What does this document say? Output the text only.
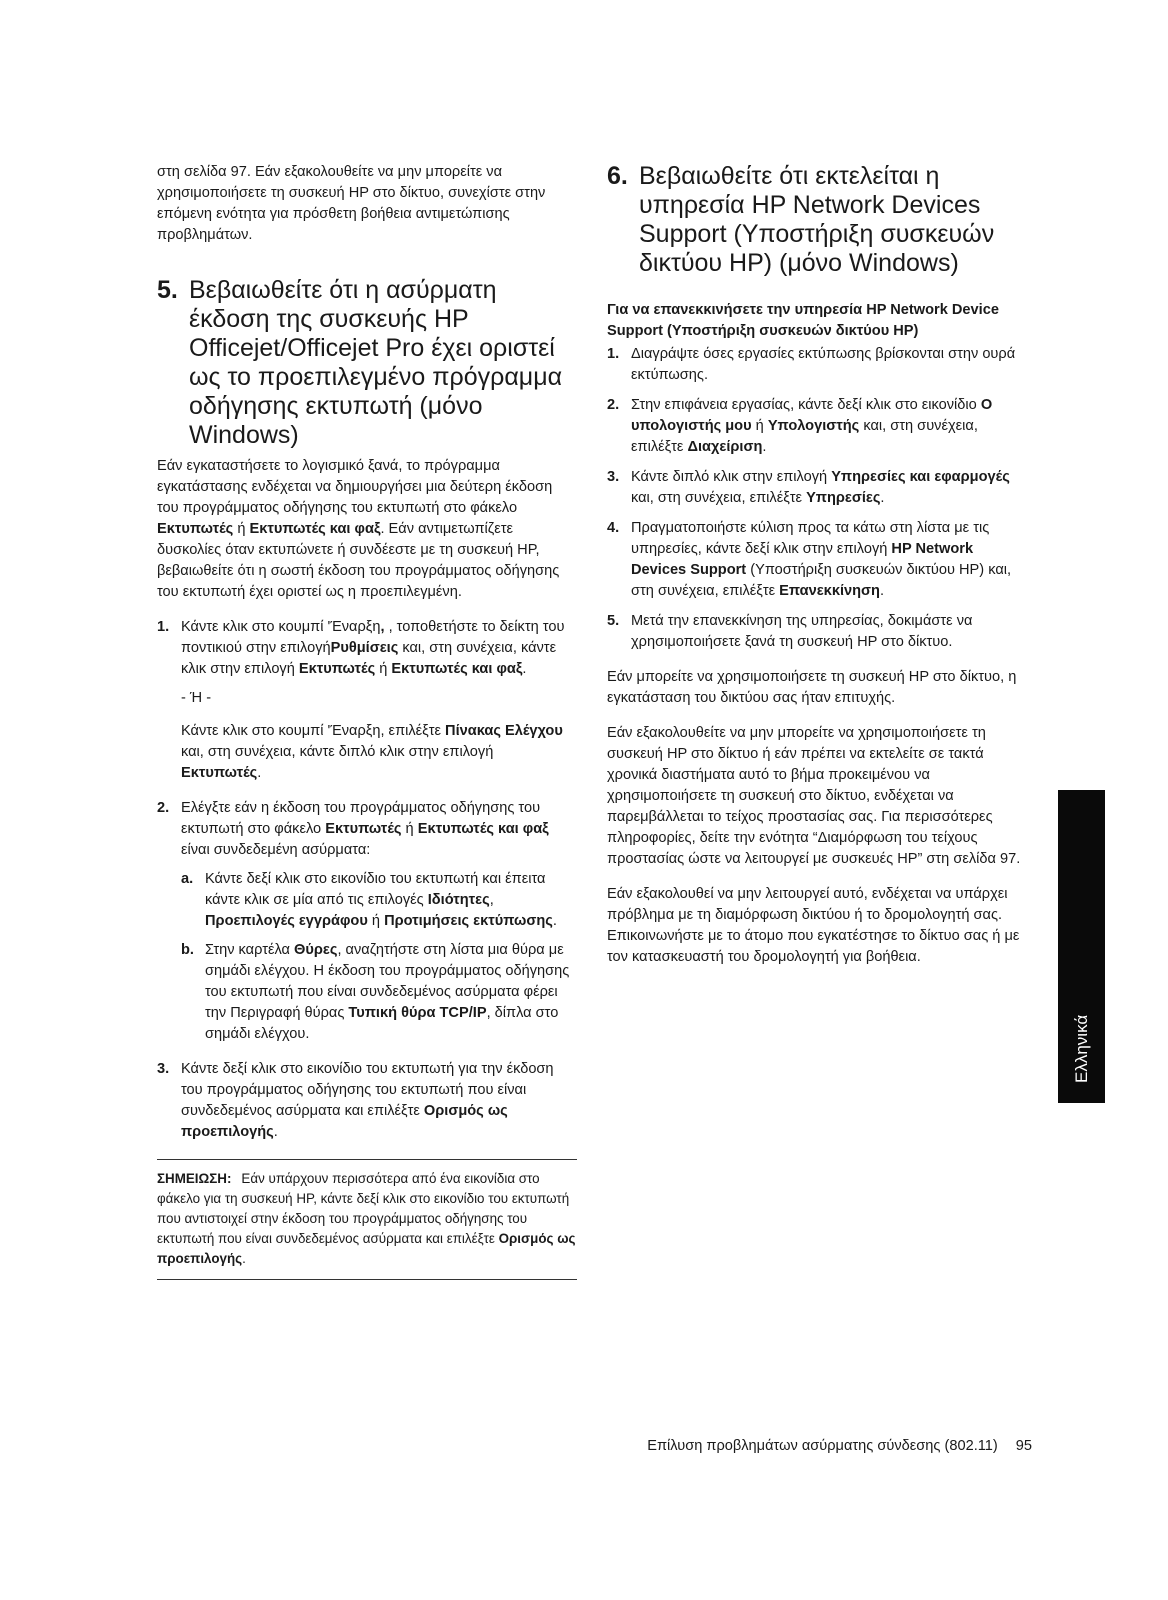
στη σελίδα 97. Εάν εξακολουθείτε να μην μπορείτε να χρησιμοποιήσετε τη συσκευή HP στο δίκτυο, συνεχίστε στην επόμενη ενότητα για πρόσθετη βοήθεια αντιμετώπισης προβλημάτων.

5. Βεβαιωθείτε ότι η ασύρματη έκδοση της συσκευής HP Officejet/Officejet Pro έχει οριστεί ως το προεπιλεγμένο πρόγραμμα οδήγησης εκτυπωτή (μόνο Windows)

Εάν εγκαταστήσετε το λογισμικό ξανά, το πρόγραμμα εγκατάστασης ενδέχεται να δημιουργήσει μια δεύτερη έκδοση του προγράμματος οδήγησης του εκτυπωτή στο φάκελο Εκτυπωτές ή Εκτυπωτές και φαξ. Εάν αντιμετωπίζετε δυσκολίες όταν εκτυπώνετε ή συνδέεστε με τη συσκευή HP, βεβαιωθείτε ότι η σωστή έκδοση του προγράμματος οδήγησης του εκτυπωτή έχει οριστεί ως η προεπιλεγμένη.

1. Κάντε κλικ στο κουμπί 'Έναρξη, , τοποθετήστε το δείκτη του ποντικιού στην επιλογήΡυθμίσεις και, στη συνέχεια, κάντε κλικ στην επιλογή Εκτυπωτές ή Εκτυπωτές και φαξ.

- Ή -

Κάντε κλικ στο κουμπί 'Έναρξη, επιλέξτε Πίνακας Ελέγχου και, στη συνέχεια, κάντε διπλό κλικ στην επιλογή Εκτυπωτές.

2. Ελέγξτε εάν η έκδοση του προγράμματος οδήγησης του εκτυπωτή στο φάκελο Εκτυπωτές ή Εκτυπωτές και φαξ είναι συνδεδεμένη ασύρματα:
a. Κάντε δεξί κλικ στο εικονίδιο του εκτυπωτή και έπειτα κάντε κλικ σε μία από τις επιλογές Ιδιότητες, Προεπιλογές εγγράφου ή Προτιμήσεις εκτύπωσης.
b. Στην καρτέλα Θύρες, αναζητήστε στη λίστα μια θύρα με σημάδι ελέγχου. Η έκδοση του προγράμματος οδήγησης του εκτυπωτή που είναι συνδεδεμένος ασύρματα φέρει την Περιγραφή θύρας Τυπική θύρα TCP/IP, δίπλα στο σημάδι ελέγχου.
3. Κάντε δεξί κλικ στο εικονίδιο του εκτυπωτή για την έκδοση του προγράμματος οδήγησης του εκτυπωτή που είναι συνδεδεμένος ασύρματα και επιλέξτε Ορισμός ως προεπιλογής.
ΣΗΜΕΙΩΣΗ: Εάν υπάρχουν περισσότερα από ένα εικονίδια στο φάκελο για τη συσκευή HP, κάντε δεξί κλικ στο εικονίδιο του εκτυπωτή που αντιστοιχεί στην έκδοση του προγράμματος οδήγησης του εκτυπωτή που είναι συνδεδεμένος ασύρματα και επιλέξτε Ορισμός ως προεπιλογής.
6. Βεβαιωθείτε ότι εκτελείται η υπηρεσία HP Network Devices Support (Υποστήριξη συσκευών δικτύου HP) (μόνο Windows)

Για να επανεκκινήσετε την υπηρεσία HP Network Device Support (Υποστήριξη συσκευών δικτύου HP)

1. Διαγράψτε όσες εργασίες εκτύπωσης βρίσκονται στην ουρά εκτύπωσης.
2. Στην επιφάνεια εργασίας, κάντε δεξί κλικ στο εικονίδιο Ο υπολογιστής μου ή Υπολογιστής και, στη συνέχεια, επιλέξτε Διαχείριση.
3. Κάντε διπλό κλικ στην επιλογή Υπηρεσίες και εφαρμογές και, στη συνέχεια, επιλέξτε Υπηρεσίες.
4. Πραγματοποιήστε κύλιση προς τα κάτω στη λίστα με τις υπηρεσίες, κάντε δεξί κλικ στην επιλογή HP Network Devices Support (Υποστήριξη συσκευών δικτύου HP) και, στη συνέχεια, επιλέξτε Επανεκκίνηση.
5. Μετά την επανεκκίνηση της υπηρεσίας, δοκιμάστε να χρησιμοποιήσετε ξανά τη συσκευή HP στο δίκτυο.

Εάν μπορείτε να χρησιμοποιήσετε τη συσκευή HP στο δίκτυο, η εγκατάσταση του δικτύου σας ήταν επιτυχής.

Εάν εξακολουθείτε να μην μπορείτε να χρησιμοποιήσετε τη συσκευή HP στο δίκτυο ή εάν πρέπει να εκτελείτε σε τακτά χρονικά διαστήματα αυτό το βήμα προκειμένου να χρησιμοποιήσετε τη συσκευή στο δίκτυο, ενδέχεται να παρεμβάλλεται το τείχος προστασίας σας. Για περισσότερες πληροφορίες, δείτε την ενότητα “Διαμόρφωση του τείχους προστασίας ώστε να λειτουργεί με συσκευές HP” στη σελίδα 97.

Εάν εξακολουθεί να μην λειτουργεί αυτό, ενδέχεται να υπάρχει πρόβλημα με τη διαμόρφωση δικτύου ή το δρομολογητή σας. Επικοινωνήστε με το άτομο που εγκατέστησε το δίκτυο σας ή με τον κατασκευαστή του δρομολογητή για βοήθεια.

Ελληνικά
Επίλυση προβλημάτων ασύρματης σύνδεσης (802.11) 95
